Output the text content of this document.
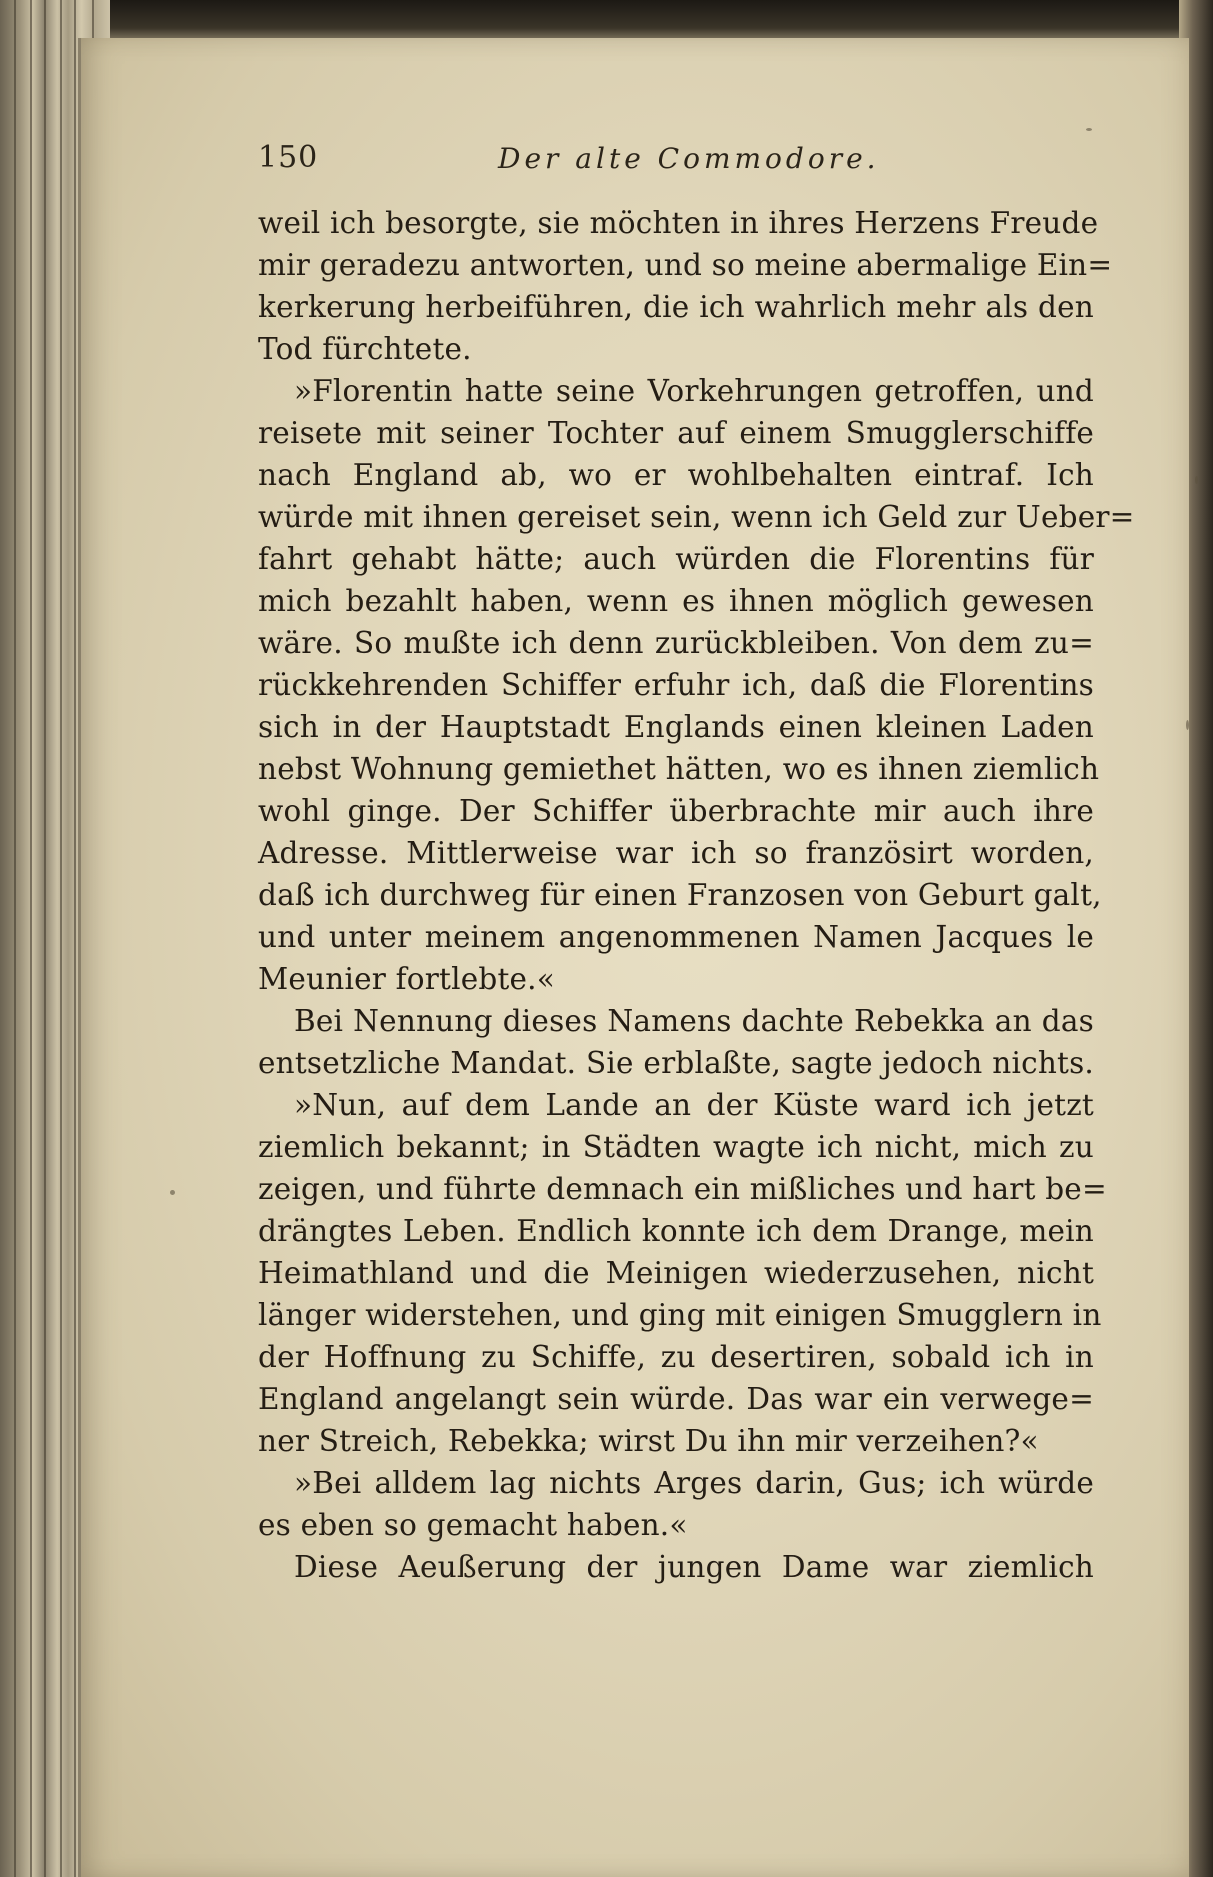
150	Der alte Commodore.
weil ich besorgte, sie möchten in ihres Herzens Freude
mir geradezu antworten, und so meine abermalige Ein=
kerkerung herbeiführen, die ich wahrlich mehr als den
Tod fürchtete.
»Florentin hatte seine Vorkehrungen getroffen, und
reisete mit seiner Tochter auf einem Smugglerschiffe
nach England ab, wo er wohlbehalten eintraf. Ich
würde mit ihnen gereiset sein, wenn ich Geld zur Ueber=
fahrt gehabt hätte; auch würden die Florentins für
mich bezahlt haben, wenn es ihnen möglich gewesen
wäre. So mußte ich denn zurückbleiben. Von dem zu=
rückkehrenden Schiffer erfuhr ich, daß die Florentins
sich in der Hauptstadt Englands einen kleinen Laden
nebst Wohnung gemiethet hätten, wo es ihnen ziemlich
wohl ginge. Der Schiffer überbrachte mir auch ihre
Adresse. Mittlerweise war ich so französirt worden,
daß ich durchweg für einen Franzosen von Geburt galt,
und unter meinem angenommenen Namen Jacques le
Meunier fortlebte.«
Bei Nennung dieses Namens dachte Rebekka an das
entsetzliche Mandat. Sie erblaßte, sagte jedoch nichts.
»Nun, auf dem Lande an der Küste ward ich jetzt
ziemlich bekannt; in Städten wagte ich nicht, mich zu
zeigen, und führte demnach ein mißliches und hart be=
drängtes Leben. Endlich konnte ich dem Drange, mein
Heimathland und die Meinigen wiederzusehen, nicht
länger widerstehen, und ging mit einigen Smugglern in
der Hoffnung zu Schiffe, zu desertiren, sobald ich in
England angelangt sein würde. Das war ein verwege=
ner Streich, Rebekka; wirst Du ihn mir verzeihen?«
»Bei alldem lag nichts Arges darin, Gus; ich würde
es eben so gemacht haben.«
Diese Aeußerung der jungen Dame war ziemlich
